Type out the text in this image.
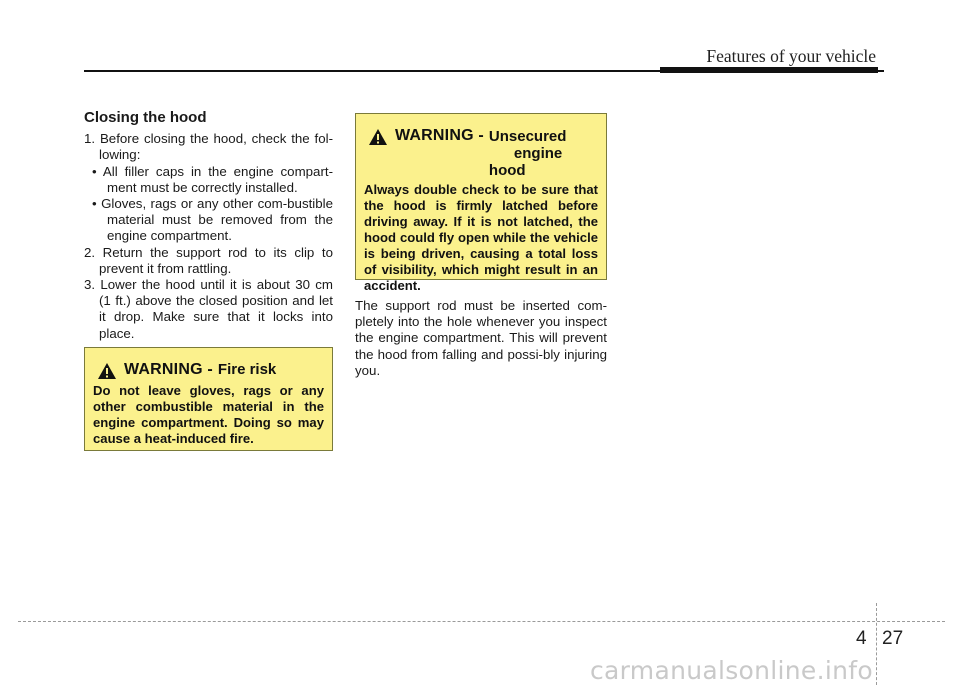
Features of your vehicle
Closing the hood
1. Before closing the hood, check the fol-lowing:
• All filler caps in the engine compart-ment must be correctly installed.
• Gloves, rags or any other com-bustible material must be removed from the engine compartment.
2. Return the support rod to its clip to prevent it from rattling.
3. Lower the hood until it is about 30 cm (1 ft.) above the closed position and let it drop. Make sure that it locks into place.
WARNING - Fire risk
Do not leave gloves, rags or any other combustible material in the engine compartment. Doing so may cause a heat-induced fire.
WARNING - Unsecured
engine hood
Always double check to be sure that the hood is firmly latched before driving away. If it is not latched, the hood could fly open while the vehicle is being driven, causing a total loss of visibility, which might result in an accident.
The support rod must be inserted com-pletely into the hole whenever you inspect the engine compartment. This will prevent the hood from falling and possi-bly injuring you.
4 27
carmanualsonline.info
